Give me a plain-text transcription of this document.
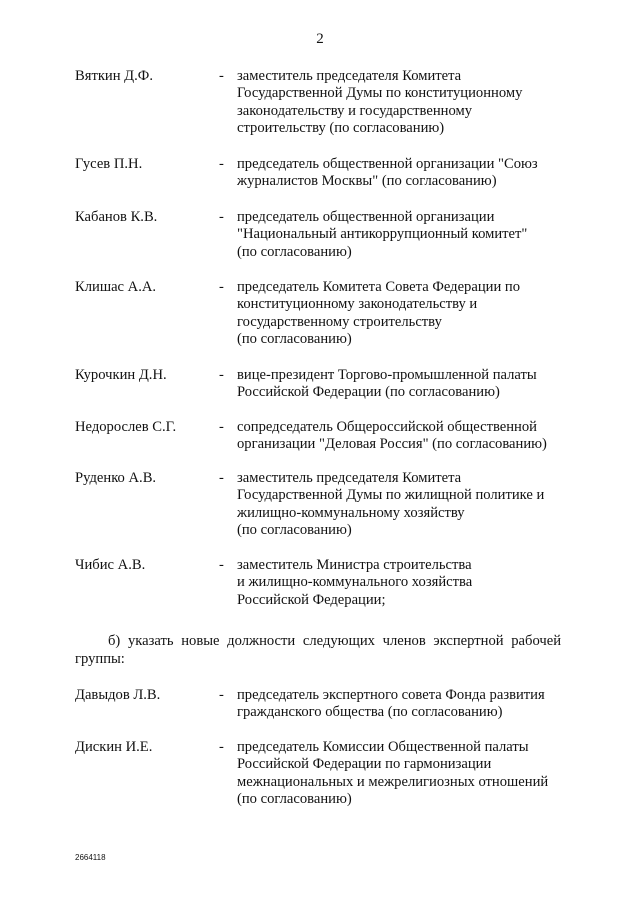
2
Вяткин Д.Ф.	- заместитель председателя Комитета
Государственной Думы по конституционному
законодательству и государственному
строительству (по согласованию)
Гусев П.Н.	- председатель общественной организации "Союз
журналистов Москвы" (по согласованию)
Кабанов К.В.	- председатель общественной организации
"Национальный антикоррупционный комитет"
(по согласованию)
Клишас А.А.	- председатель Комитета Совета Федерации по
конституционному законодательству и
государственному строительству
(по согласованию)
Курочкин Д.Н.	- вице-президент Торгово-промышленной палаты
Российской Федерации (по согласованию)
Недорослев С.Г.	- сопредседатель Общероссийской общественной
организации "Деловая Россия" (по согласованию)
Руденко А.В.	- заместитель председателя Комитета
Государственной Думы по жилищной политике и
жилищно-коммунальному хозяйству
(по согласованию)
Чибис А.В.	- заместитель Министра строительства
и жилищно-коммунального хозяйства
Российской Федерации;
б) указать новые должности следующих членов экспертной рабочей группы:
Давыдов Л.В.	- председатель экспертного совета Фонда развития
гражданского общества (по согласованию)
Дискин И.Е.	- председатель Комиссии Общественной палаты
Российской Федерации по гармонизации
межнациональных и межрелигиозных отношений
(по согласованию)
2664118
